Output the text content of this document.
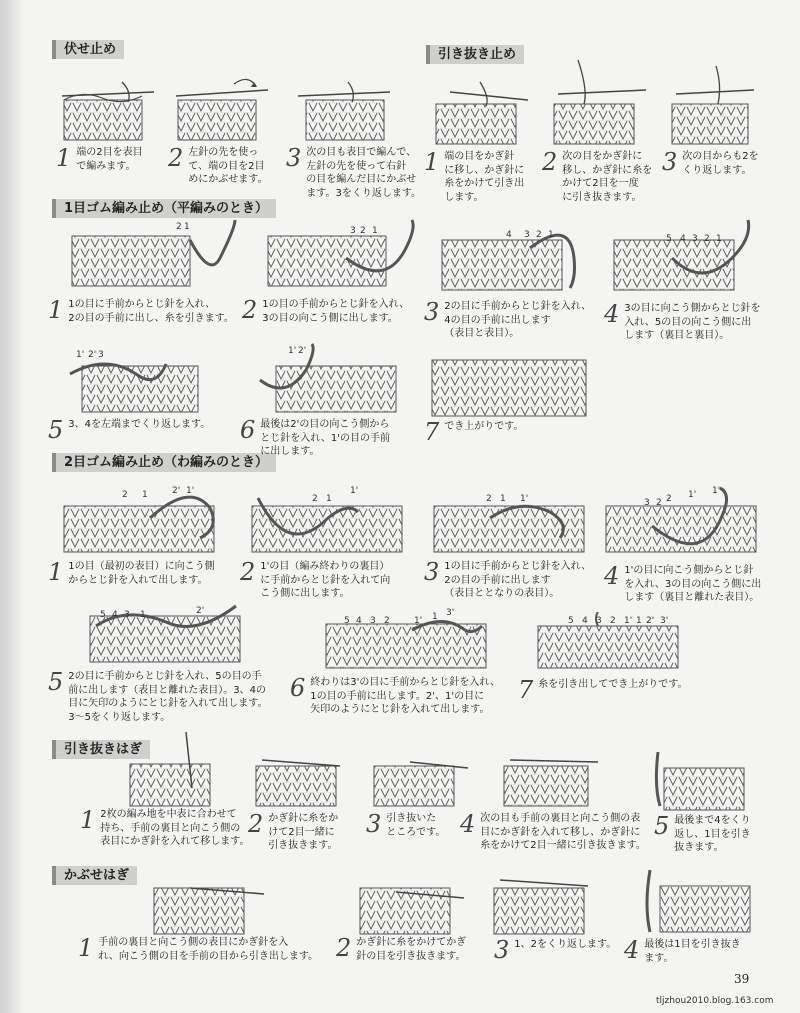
伏せ止め	引き抜き止め
1目ゴム編み止め（平編みのとき）
2目ゴム編み止め（わ編みのとき）
引き抜きはぎ
かぶせはぎ
1 端の2目を表目
で編みます。 2 左針の先を使っ
て、端の目を2目
めにかぶせます。
3 次の目も表目で編んで、
左針の先を使って右針
の目を編んだ目にかぶせ
ます。3をくり返します。
1 端の目をかぎ針
に移し、かぎ針に
糸をかけて引き出
します。
2 次の目をかぎ針に
移し、かぎ針に糸を
かけて2目を一度
に引き抜きます。
3 次の目からも2を
くり返します。
1 1の目に手前からとじ針を入れ、
2の目の手前に出し、糸を引きます。 2 1の目の手前からとじ針を入れ、
3の目の向こう側に出します。	3 2の目に手前からとじ針を入れ、
4の目の手前に出します
（表目と表目）。
4 3の目に向こう側からとじ針を
入れ、5の目の向こう側に出
します（裏目と裏目）。
5 3、4を左端までくり返します。 6 最後は2'の目の向こう側から
とじ針を入れ、1'の目の手前
に出します。
7 でき上がりです。
1 1の目（最初の表目）に向こう側
からとじ針を入れて出します。 2 1'の目（編み終わりの裏目）
に手前からとじ針を入れて向
こう側に出します。
3 1の目に手前からとじ針を入れ、
2の目の手前に出します
（表目ととなりの表目）。
4 1'の目に向こう側からとじ針
を入れ、3の目の向こう側に出
します（裏目と離れた表目）。
5 2の目に手前からとじ針を入れ、5の目の手
前に出します（表目と離れた表目）。3、4の
目に矢印のようにとじ針を入れて出します。
3～5をくり返します。
6 終わりは3'の目に手前からとじ針を入れ、
1の目の手前に出します。2'、1'の目に
矢印のようにとじ針を入れて出します。
7 糸を引き出してでき上がりです。
1 2枚の編み地を中表に合わせて
持ち、手前の裏目と向こう側の
表目にかぎ針を入れて移します。
2 かぎ針に糸をか
けて2目一緒に
引き抜きます。
3 引き抜いた
ところです。 4 次の目も手前の裏目と向こう側の表
目にかぎ針を入れて移し、かぎ針に
糸をかけて2目一緒に引き抜きます。
5 最後まで4をくり
返し、1目を引き
抜きます。
1 手前の裏目と向こう側の表目にかぎ針を入
れ、向こう側の目を手前の目から引き出します。 2 かぎ針に糸をかけてかぎ
針の目を引き抜きます。 3 1、2をくり返します。 4 最後は1目を引き抜き
ます。
2 1	3 2 1	4 3 2 1	5 4 3 2 1
1' 2' 3	1' 2'
2 1	2' 1'
2 1
1'
2 1 1'	2 1'
3 2
1'
5 4 3 1	2'
5 4 3 2	1' 1 3'
5 4 3 2 1' 1 2' 3'
39
tljzhou2010.blog.163.com
